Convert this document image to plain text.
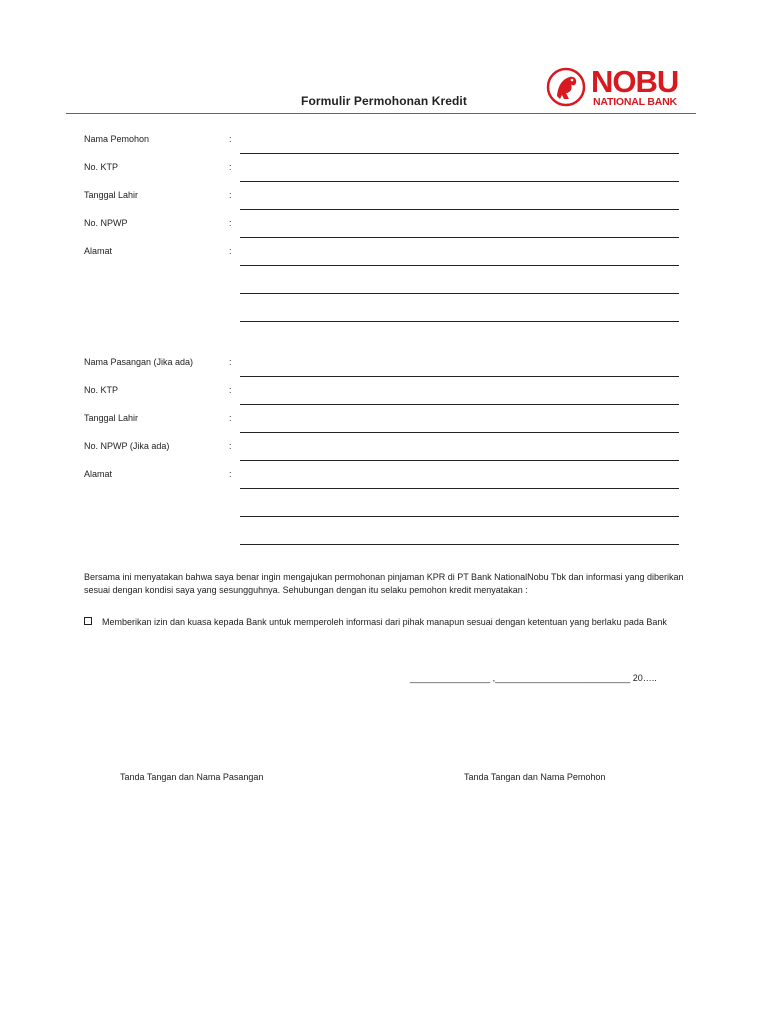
NOBU
NATIONAL BANK
Formulir Permohonan Kredit
Nama Pemohon	:
No. KTP	:
Tanggal Lahir	:
No. NPWP	:
Alamat	:
Nama Pasangan (Jika ada)	:
No. KTP	:
Tanggal Lahir	:
No. NPWP (Jika ada)	:
Alamat	:
Bersama ini menyatakan bahwa saya benar ingin mengajukan permohonan pinjaman KPR di PT Bank NationalNobu Tbk dan informasi yang diberikan sesuai dengan kondisi saya yang sesungguhnya. Sehubungan dengan itu selaku pemohon kredit menyatakan :
Memberikan izin dan kuasa kepada Bank untuk memperoleh informasi dari pihak manapun sesuai dengan ketentuan yang berlaku pada Bank
________________ ,___________________________ 20…..
Tanda Tangan dan Nama Pasangan	Tanda Tangan dan Nama Pemohon
